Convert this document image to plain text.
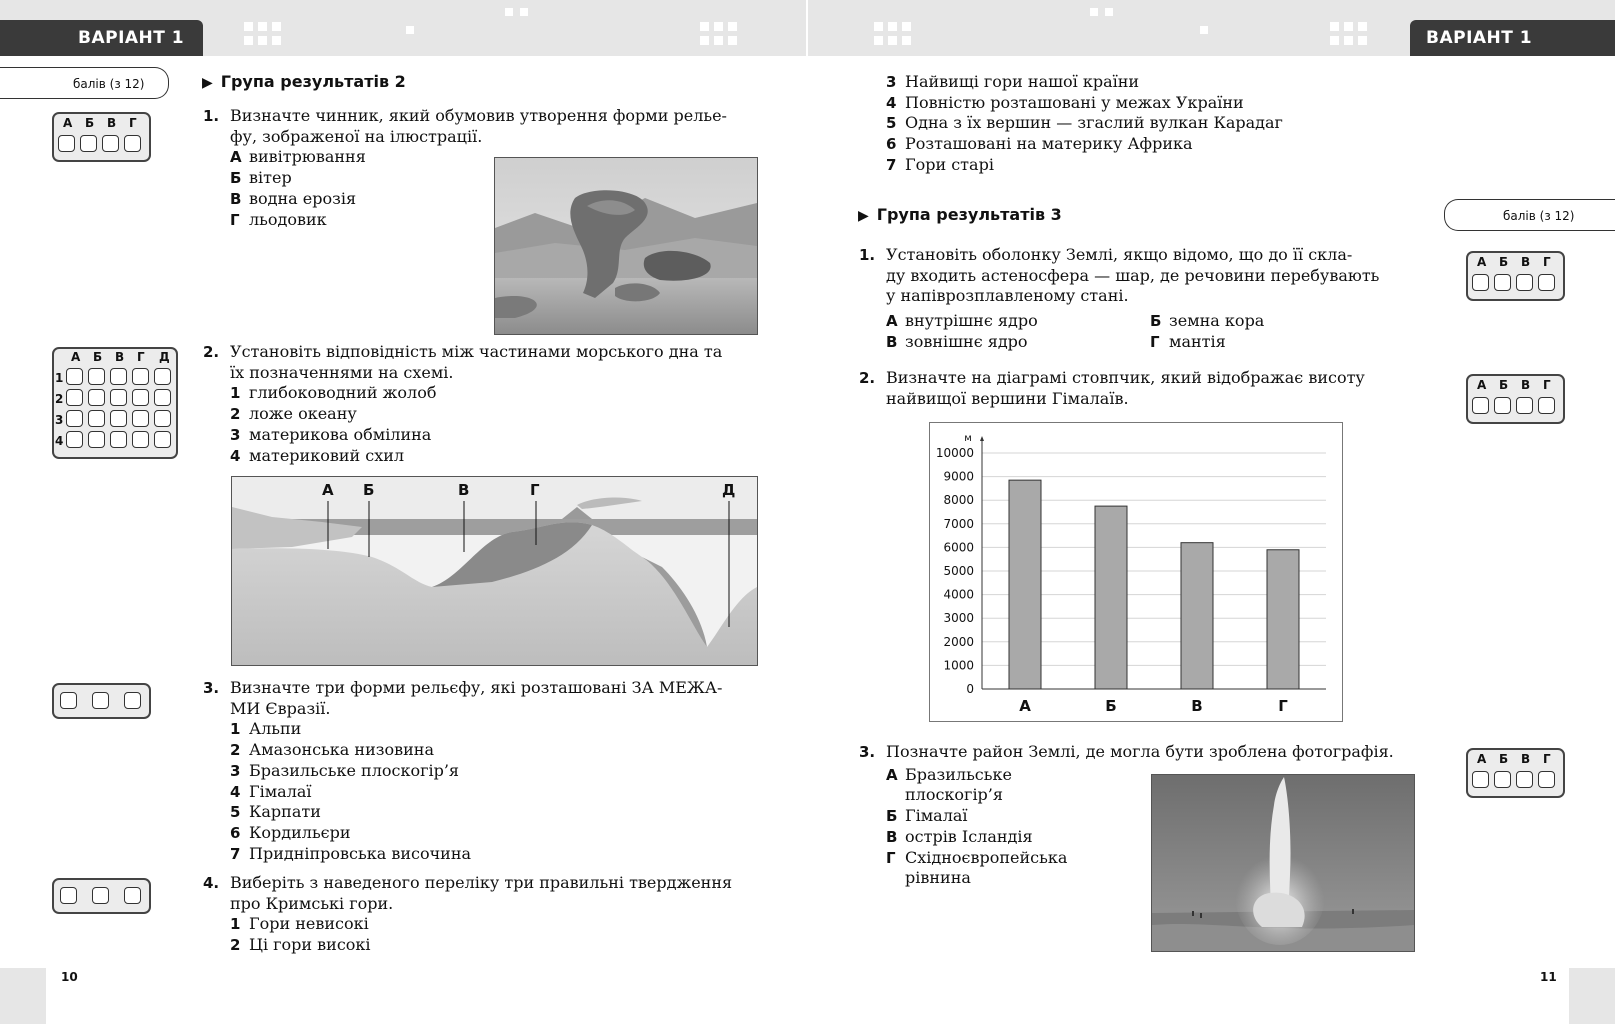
ВАРІАНТ 1	ВАРІАНТ 1
балів (з 12)	▶ Група результатів 2
1. Визначте чинник, який обумовив утворення форми релье-
фу, зображеної на ілюстрації.
А вивітрювання
Б вітер
В водна ерозія
Г льодовик
А Б В Г
2. Установіть відповідність між частинами морського дна та
їх позначеннями на схемі.
1 глибоководний жолоб
2 ложе океану
3 материкова обмілина
4 материковий схил
А Б	В	Г	Д
А Б В Г Д
1
2
3
4
3. Визначте три форми рельєфу, які розташовані ЗА МЕЖА-
МИ Євразії.
1 Альпи
2 Амазонська низовина
3 Бразильське плоскогір’я
4 Гімалаї
5 Карпати
6 Кордильєри
7 Придніпровська височина
4. Виберіть з наведеного переліку три правильні твердження
про Кримські гори.
1 Гори невисокі
2 Ці гори високі
10
3 Найвищі гори нашої країни
4 Повністю розташовані у межах України
5 Одна з їх вершин — згаслий вулкан Карадаг
6 Розташовані на материку Африка
7 Гори старі
▶ Група результатів 3	балів (з 12)
1. Установіть оболонку Землі, якщо відомо, що до її скла-
ду входить астеносфера — шар, де речовини перебувають
у напіврозплавленому стані.
А внутрішнє ядро	Б земна кора
В зовнішнє ядро	Г мантія
А Б В Г
2. Визначте на діаграмі стовпчик, який відображає висоту
найвищої вершини Гімалаїв.
А Б В Г
0
1000
2000
3000
4000
5000
6000
7000
8000
9000
10000
м
А	Б	В	Г
3. Позначте район Землі, де могла бути зроблена фотографія.
А Бразильське
плоскогір’я
Б Гімалаї
В острів Ісландія
Г Східноєвропейська
рівнина
А Б В Г
11
